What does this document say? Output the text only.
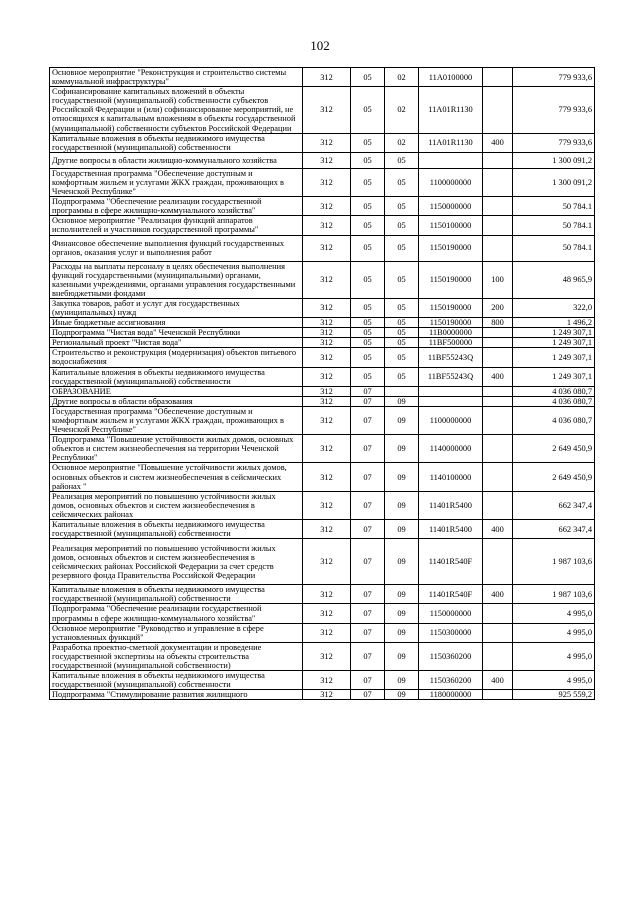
102
Основное мероприятие "Реконструкция и строительство системы коммунальной инфраструктуры"	312	05	02	11А0100000		779 933,6
Софинансирование капитальных вложений в объекты государственной (муниципальной) собственности субъектов Российской Федерации и (или) софинансирование мероприятий, не относящихся к капитальным вложениям в объекты государственной (муниципальной) собственности субъектов Российской Федерации	312	05	02	11А01R1130		779 933,6
Капитальные вложения в объекты недвижимого имущества государственной (муниципальной) собственности	312	05	02	11А01R1130	400	779 933,6
Другие вопросы в области жилищно-коммунального хозяйства	312	05	05			1 300 091,2
Государственная программа "Обеспечение доступным и комфортным жильем и услугами ЖКХ граждан, проживающих в Чеченской Республике"	312	05	05	1100000000		1 300 091,2
Подпрограмма "Обеспечение реализации государственной программы в сфере жилищно-коммунального хозяйства"	312	05	05	1150000000		50 784.1
Основное мероприятие "Реализация функций аппаратов исполнителей и участников государственной программы"	312	05	05	1150100000		50 784.1
Финансовое обеспечение выполнения функций государственных органов, оказания услуг и выполнения работ	312	05	05	1150190000		50 784.1
Расходы на выплаты персоналу в целях обеспечения выполнения функций государственными (муниципальными) органами, казенными учреждениями, органами управления государственными внебюджетными фондами	312	05	05	1150190000	100	48 965,9
Закупка товаров, работ и услуг для государственных (муниципальных) нужд	312	05	05	1150190000	200	322,0
Иные бюджетные ассигнования	312	05	05	1150190000	800	1 496,2
Подпрограмма "Чистая вода" Чеченской Республики	312	05	05	11В0000000		1 249 307,1
Региональный проект "Чистая вода"	312	05	05	11BF500000		1 249 307,1
Строительство и реконструкция (модернизация) объектов питьевого водоснабжения	312	05	05	11BF55243Q		1 249 307,1
Капитальные вложения в объекты недвижимого имущества государственной (муниципальной) собственности	312	05	05	11BF55243Q	400	1 249 307,1
ОБРАЗОВАНИЕ	312	07				4 036 080,7
Другие вопросы в области образования	312	07	09			4 036 080,7
Государственная программа "Обеспечение доступным и комфортным жильем и услугами ЖКХ граждан, проживающих в Чеченской Республике"	312	07	09	1100000000		4 036 080,7
Подпрограмма "Повышение устойчивости жилых домов, основных объектов и систем жизнеобеспечения на территории Чеченской Республики"	312	07	09	1140000000		2 649 450,9
Основное мероприятие "Повышение устойчивости жилых домов, основных объектов и систем жизнеобеспечения в сейсмических районах "	312	07	09	1140100000		2 649 450,9
Реализация мероприятий по повышению устойчивости жилых домов, основных объектов и систем жизнеобеспечения в сейсмических районах	312	07	09	11401R5400		662 347,4
Капитальные вложения в объекты недвижимого имущества государственной (муниципальной) собственности	312	07	09	11401R5400	400	662 347,4
Реализация мероприятий по повышению устойчивости жилых домов, основных объектов и систем жизнеобеспечения в сейсмических районах Российской Федерации за счет средств резервного фонда Правительства Российской Федерации	312	07	09	11401R540F		1 987 103,6
Капитальные вложения в объекты недвижимого имущества государственной (муниципальной) собственности	312	07	09	11401R540F	400	1 987 103,6
Подпрограмма "Обеспечение реализации государственной программы в сфере жилищно-коммунального хозяйства"	312	07	09	1150000000		4 995,0
Основное мероприятие "Руководство и управление в сфере установленных функций"	312	07	09	1150300000		4 995,0
Разработка проектно-сметной документации и проведение государственной экспертизы на объекты строительства государственной (муниципальной собственности)	312	07	09	1150360200		4 995,0
Капитальные вложения в объекты недвижимого имущества государственной (муниципальной) собственности	312	07	09	1150360200	400	4 995,0
Подпрограмма "Стимулирование развития жилищного	312	07	09	1180000000		925 559,2
